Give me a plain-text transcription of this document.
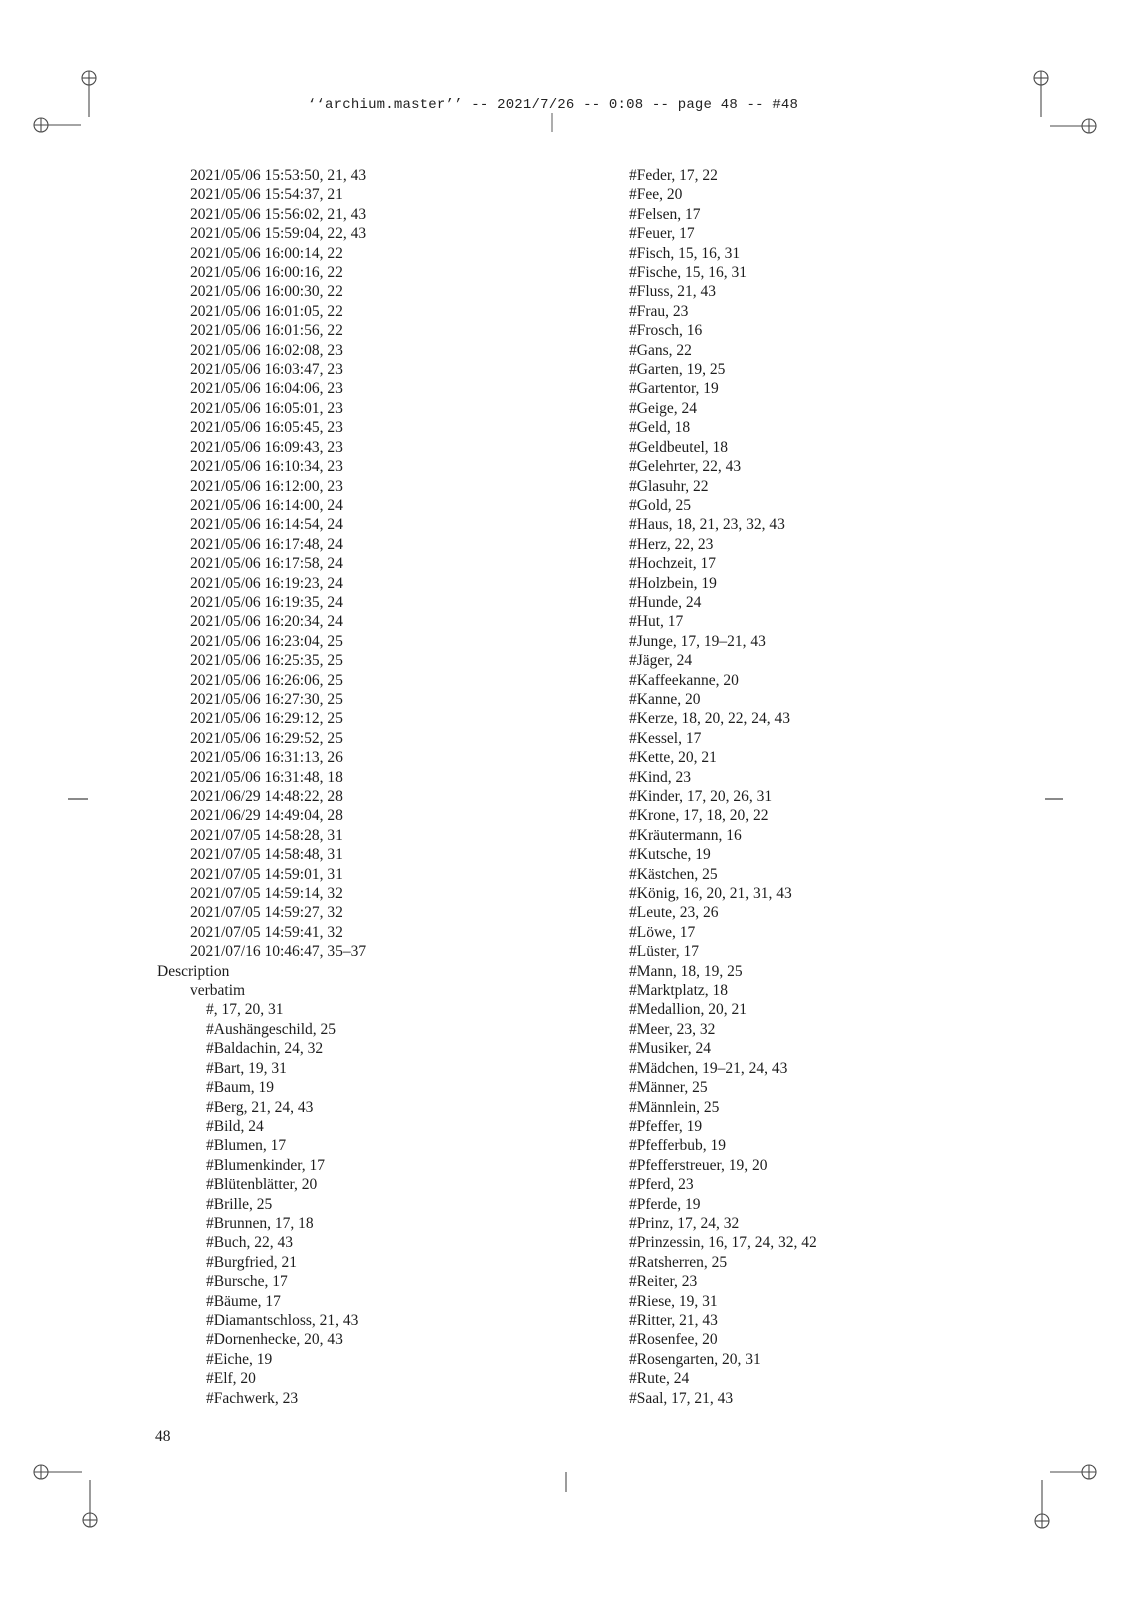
‘‘archium.master’’ -- 2021/7/26 -- 0:08 -- page 48 -- #48
2021/05/06 15:53:50, 21, 43
2021/05/06 15:54:37, 21
2021/05/06 15:56:02, 21, 43
2021/05/06 15:59:04, 22, 43
2021/05/06 16:00:14, 22
2021/05/06 16:00:16, 22
2021/05/06 16:00:30, 22
2021/05/06 16:01:05, 22
2021/05/06 16:01:56, 22
2021/05/06 16:02:08, 23
2021/05/06 16:03:47, 23
2021/05/06 16:04:06, 23
2021/05/06 16:05:01, 23
2021/05/06 16:05:45, 23
2021/05/06 16:09:43, 23
2021/05/06 16:10:34, 23
2021/05/06 16:12:00, 23
2021/05/06 16:14:00, 24
2021/05/06 16:14:54, 24
2021/05/06 16:17:48, 24
2021/05/06 16:17:58, 24
2021/05/06 16:19:23, 24
2021/05/06 16:19:35, 24
2021/05/06 16:20:34, 24
2021/05/06 16:23:04, 25
2021/05/06 16:25:35, 25
2021/05/06 16:26:06, 25
2021/05/06 16:27:30, 25
2021/05/06 16:29:12, 25
2021/05/06 16:29:52, 25
2021/05/06 16:31:13, 26
2021/05/06 16:31:48, 18
2021/06/29 14:48:22, 28
2021/06/29 14:49:04, 28
2021/07/05 14:58:28, 31
2021/07/05 14:58:48, 31
2021/07/05 14:59:01, 31
2021/07/05 14:59:14, 32
2021/07/05 14:59:27, 32
2021/07/05 14:59:41, 32
2021/07/16 10:46:47, 35–37
Description
verbatim
#, 17, 20, 31
#Aushängeschild, 25
#Baldachin, 24, 32
#Bart, 19, 31
#Baum, 19
#Berg, 21, 24, 43
#Bild, 24
#Blumen, 17
#Blumenkinder, 17
#Blütenblätter, 20
#Brille, 25
#Brunnen, 17, 18
#Buch, 22, 43
#Burgfried, 21
#Bursche, 17
#Bäume, 17
#Diamantschloss, 21, 43
#Dornenhecke, 20, 43
#Eiche, 19
#Elf, 20
#Fachwerk, 23
#Feder, 17, 22
#Fee, 20
#Felsen, 17
#Feuer, 17
#Fisch, 15, 16, 31
#Fische, 15, 16, 31
#Fluss, 21, 43
#Frau, 23
#Frosch, 16
#Gans, 22
#Garten, 19, 25
#Gartentor, 19
#Geige, 24
#Geld, 18
#Geldbeutel, 18
#Gelehrter, 22, 43
#Glasuhr, 22
#Gold, 25
#Haus, 18, 21, 23, 32, 43
#Herz, 22, 23
#Hochzeit, 17
#Holzbein, 19
#Hunde, 24
#Hut, 17
#Junge, 17, 19–21, 43
#Jäger, 24
#Kaffeekanne, 20
#Kanne, 20
#Kerze, 18, 20, 22, 24, 43
#Kessel, 17
#Kette, 20, 21
#Kind, 23
#Kinder, 17, 20, 26, 31
#Krone, 17, 18, 20, 22
#Kräutermann, 16
#Kutsche, 19
#Kästchen, 25
#König, 16, 20, 21, 31, 43
#Leute, 23, 26
#Löwe, 17
#Lüster, 17
#Mann, 18, 19, 25
#Marktplatz, 18
#Medallion, 20, 21
#Meer, 23, 32
#Musiker, 24
#Mädchen, 19–21, 24, 43
#Männer, 25
#Männlein, 25
#Pfeffer, 19
#Pfefferbub, 19
#Pfefferstreuer, 19, 20
#Pferd, 23
#Pferde, 19
#Prinz, 17, 24, 32
#Prinzessin, 16, 17, 24, 32, 42
#Ratsherren, 25
#Reiter, 23
#Riese, 19, 31
#Ritter, 21, 43
#Rosenfee, 20
#Rosengarten, 20, 31
#Rute, 24
#Saal, 17, 21, 43
48
